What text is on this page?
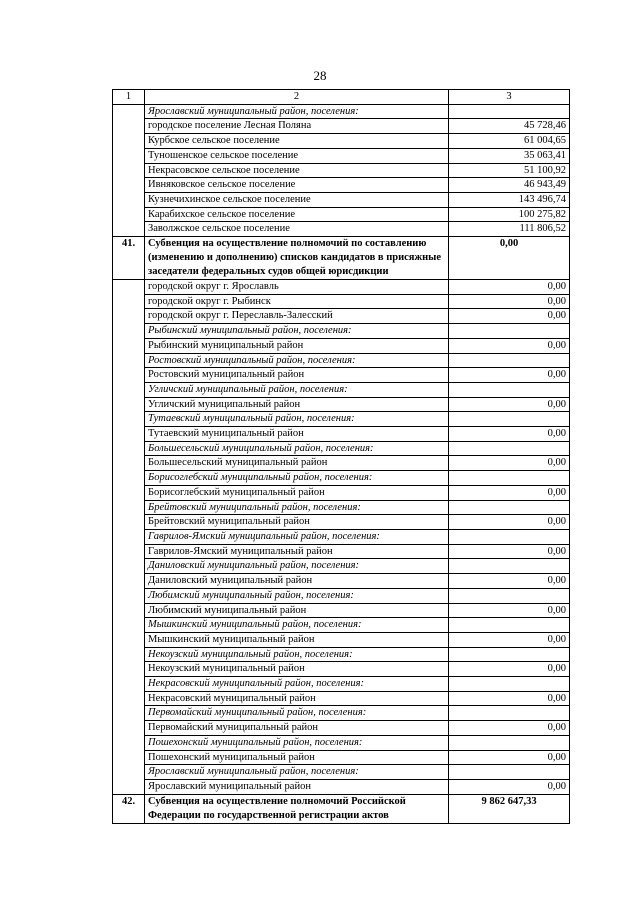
28
1	2	3
	Ярославский муниципальный район, поселения:	
	городское поселение Лесная Поляна	45 728,46
	Курбское сельское поселение	61 004,65
	Туношенское сельское поселение	35 063,41
	Некрасовское сельское поселение	51 100,92
	Ивняковское сельское поселение	46 943,49
	Кузнечихинское сельское поселение	143 496,74
	Карабихское сельское поселение	100 275,82
	Заволжское сельское поселение	111 806,52
41.	Субвенция на осуществление полномочий по составлению (изменению и дополнению) списков кандидатов в присяжные заседатели федеральных судов общей юрисдикции	0,00
	городской округ г. Ярославль	0,00
	городской округ г. Рыбинск	0,00
	городской округ г. Переславль-Залесский	0,00
	Рыбинский муниципальный район, поселения:	
	Рыбинский муниципальный район	0,00
	Ростовский муниципальный район, поселения:	
	Ростовский муниципальный район	0,00
	Угличский муниципальный район, поселения:	
	Угличский муниципальный район	0,00
	Тутаевский муниципальный район, поселения:	
	Тутаевский муниципальный район	0,00
	Большесельский муниципальный район, поселения:	
	Большесельский муниципальный район	0,00
	Борисоглебский муниципальный район, поселения:	
	Борисоглебский муниципальный район	0,00
	Брейтовский муниципальный район, поселения:	
	Брейтовский муниципальный район	0,00
	Гаврилов-Ямский муниципальный район, поселения:	
	Гаврилов-Ямский муниципальный район	0,00
	Даниловский муниципальный район, поселения:	
	Даниловский муниципальный район	0,00
	Любимский муниципальный район, поселения:	
	Любимский муниципальный район	0,00
	Мышкинский муниципальный район, поселения:	
	Мышкинский муниципальный район	0,00
	Некоузский муниципальный район, поселения:	
	Некоузский муниципальный район	0,00
	Некрасовский муниципальный район, поселения:	
	Некрасовский муниципальный район	0,00
	Первомайский муниципальный район, поселения:	
	Первомайский муниципальный район	0,00
	Пошехонский муниципальный район, поселения:	
	Пошехонский муниципальный район	0,00
	Ярославский муниципальный район, поселения:	
	Ярославский муниципальный район	0,00
42.	Субвенция на осуществление полномочий Российской Федерации по государственной регистрации актов	9 862 647,33
